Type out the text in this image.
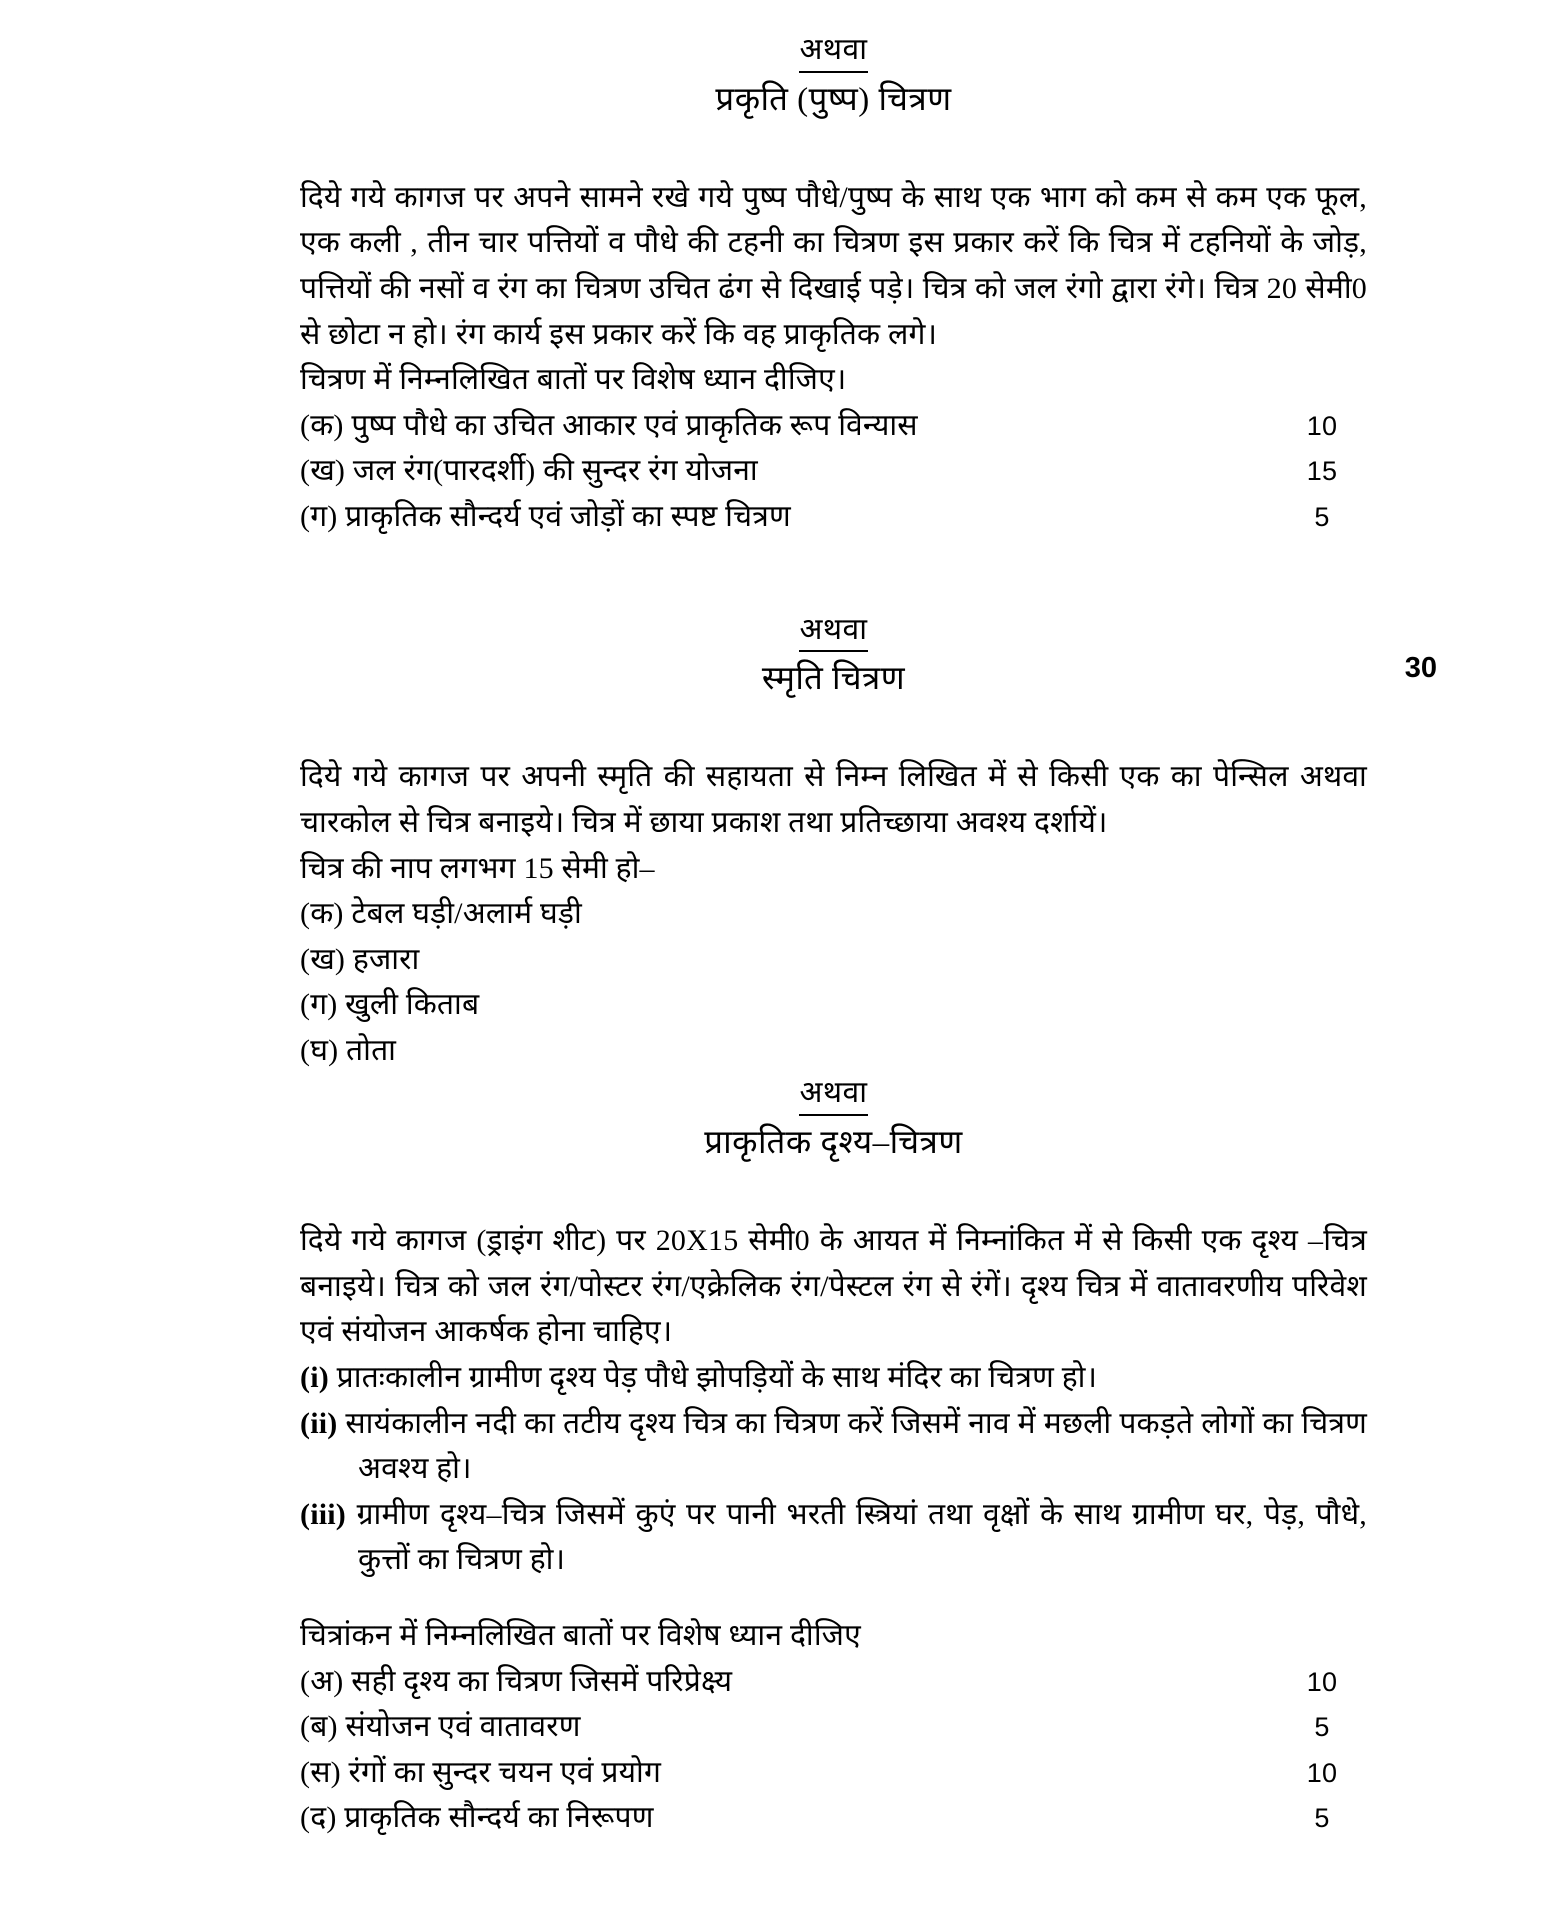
अथवा
प्रकृति (पुष्प) चित्रण

दिये गये कागज पर अपने सामने रखे गये पुष्प पौधे/पुष्प के साथ एक भाग को कम से कम एक फूल, एक कली , तीन चार पत्तियों व पौधे की टहनी का चित्रण इस प्रकार करें कि चित्र में टहनियों के जोड़, पत्तियों की नसों व रंग का चित्रण उचित ढंग से दिखाई पड़े। चित्र को जल रंगो द्वारा रंगे। चित्र 20 सेमी0 से छोटा न हो। रंग कार्य इस प्रकार करें कि वह प्राकृतिक लगे।

चित्रण में निम्नलिखित बातों पर विशेष ध्यान दीजिए।

(क) पुष्प पौधे का उचित आकार एवं प्राकृतिक रूप विन्यास	10
(ख) जल रंग(पारदर्शी) की सुन्दर रंग योजना	15
(ग) प्राकृतिक सौन्दर्य एवं जोड़ों का स्पष्ट चित्रण	5
अथवा
स्मृति चित्रण	30

दिये गये कागज पर अपनी स्मृति की सहायता से निम्न लिखित में से किसी एक का पेन्सिल अथवा चारकोल से चित्र बनाइये। चित्र में छाया प्रकाश तथा प्रतिच्छाया अवश्य दर्शायें।

चित्र की नाप लगभग 15 सेमी हो–

(क) टेबल घड़ी/अलार्म घड़ी
(ख) हजारा
(ग) खुली किताब
(घ) तोता
अथवा
प्राकृतिक दृश्य–चित्रण

दिये गये कागज (ड्राइंग शीट) पर 20X15 सेमी0 के आयत में निम्नांकित में से किसी एक दृश्य –चित्र बनाइये। चित्र को जल रंग/पोस्टर रंग/एक्रेलिक रंग/पेस्टल रंग से रंगें। दृश्य चित्र में वातावरणीय परिवेश एवं संयोजन आकर्षक होना चाहिए।

(i) प्रातःकालीन ग्रामीण दृश्य पेड़ पौधे झोपड़ियों के साथ मंदिर का चित्रण हो।
(ii) सायंकालीन नदी का तटीय दृश्य चित्र का चित्रण करें जिसमें नाव में मछली पकड़ते लोगों का चित्रण अवश्य हो।
(iii) ग्रामीण दृश्य–चित्र जिसमें कुएं पर पानी भरती स्त्रियां तथा वृक्षों के साथ ग्रामीण घर, पेड़, पौधे, कुत्तों का चित्रण हो।

चित्रांकन में निम्नलिखित बातों पर विशेष ध्यान दीजिए

(अ) सही दृश्य का चित्रण जिसमें परिप्रेक्ष्य	10
(ब) संयोजन एवं वातावरण	5
(स) रंगों का सुन्दर चयन एवं प्रयोग	10
(द) प्राकृतिक सौन्दर्य का निरूपण	5
